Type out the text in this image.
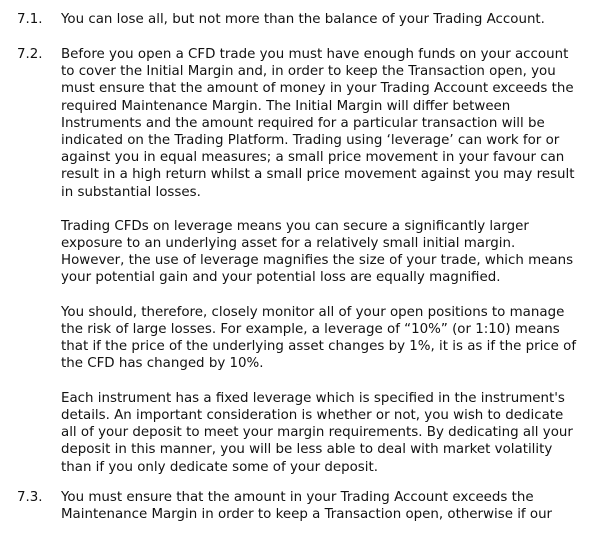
7.1.	You can lose all, but not more than the balance of your Trading Account.
7.2.	Before you open a CFD trade you must have enough funds on your account
to cover the Initial Margin and, in order to keep the Transaction open, you
must ensure that the amount of money in your Trading Account exceeds the
required Maintenance Margin. The Initial Margin will differ between
Instruments and the amount required for a particular transaction will be
indicated on the Trading Platform. Trading using ‘leverage’ can work for or
against you in equal measures; a small price movement in your favour can
result in a high return whilst a small price movement against you may result
in substantial losses.
Trading CFDs on leverage means you can secure a significantly larger
exposure to an underlying asset for a relatively small initial margin.
However, the use of leverage magnifies the size of your trade, which means
your potential gain and your potential loss are equally magnified.
You should, therefore, closely monitor all of your open positions to manage
the risk of large losses. For example, a leverage of “10%” (or 1:10) means
that if the price of the underlying asset changes by 1%, it is as if the price of
the CFD has changed by 10%.
Each instrument has a fixed leverage which is specified in the instrument's
details. An important consideration is whether or not, you wish to dedicate
all of your deposit to meet your margin requirements. By dedicating all your
deposit in this manner, you will be less able to deal with market volatility
than if you only dedicate some of your deposit.
7.3.	You must ensure that the amount in your Trading Account exceeds the
Maintenance Margin in order to keep a Transaction open, otherwise if our
